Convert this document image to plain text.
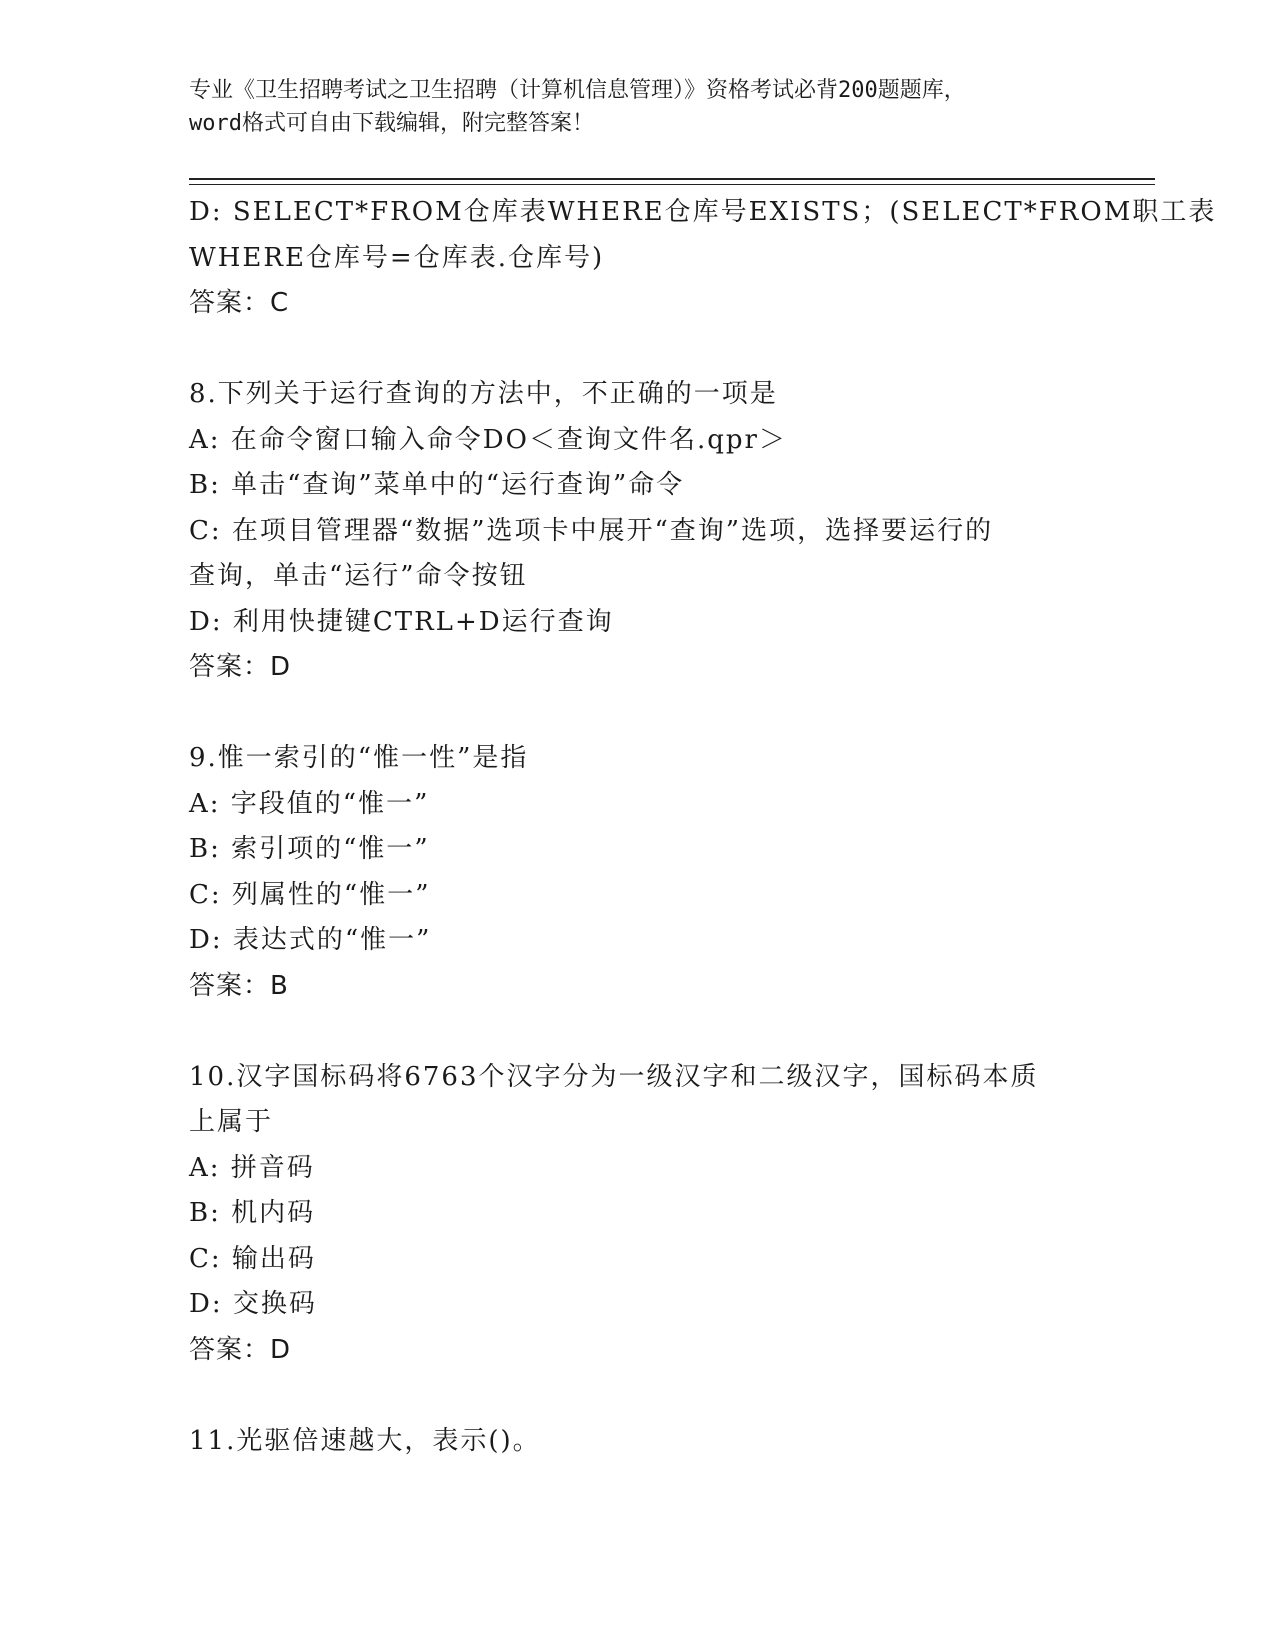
专业《卫生招聘考试之卫生招聘（计算机信息管理）》资格考试必背200题题库，
word格式可自由下载编辑，附完整答案！
D: SELECT*FROM仓库表WHERE仓库号EXISTS；(SELECT*FROM职工表
WHERE仓库号=仓库表.仓库号)
答案：C
8.下列关于运行查询的方法中，不正确的一项是
A: 在命令窗口输入命令DO＜查询文件名.qpr＞
B: 单击“查询”菜单中的“运行查询”命令
C: 在项目管理器“数据”选项卡中展开“查询”选项，选择要运行的
查询，单击“运行”命令按钮
D: 利用快捷键CTRL+D运行查询
答案：D
9.惟一索引的“惟一性”是指
A: 字段值的“惟一”
B: 索引项的“惟一”
C: 列属性的“惟一”
D: 表达式的“惟一”
答案：B
10.汉字国标码将6763个汉字分为一级汉字和二级汉字，国标码本质
上属于
A: 拼音码
B: 机内码
C: 输出码
D: 交换码
答案：D
11.光驱倍速越大，表示()。
